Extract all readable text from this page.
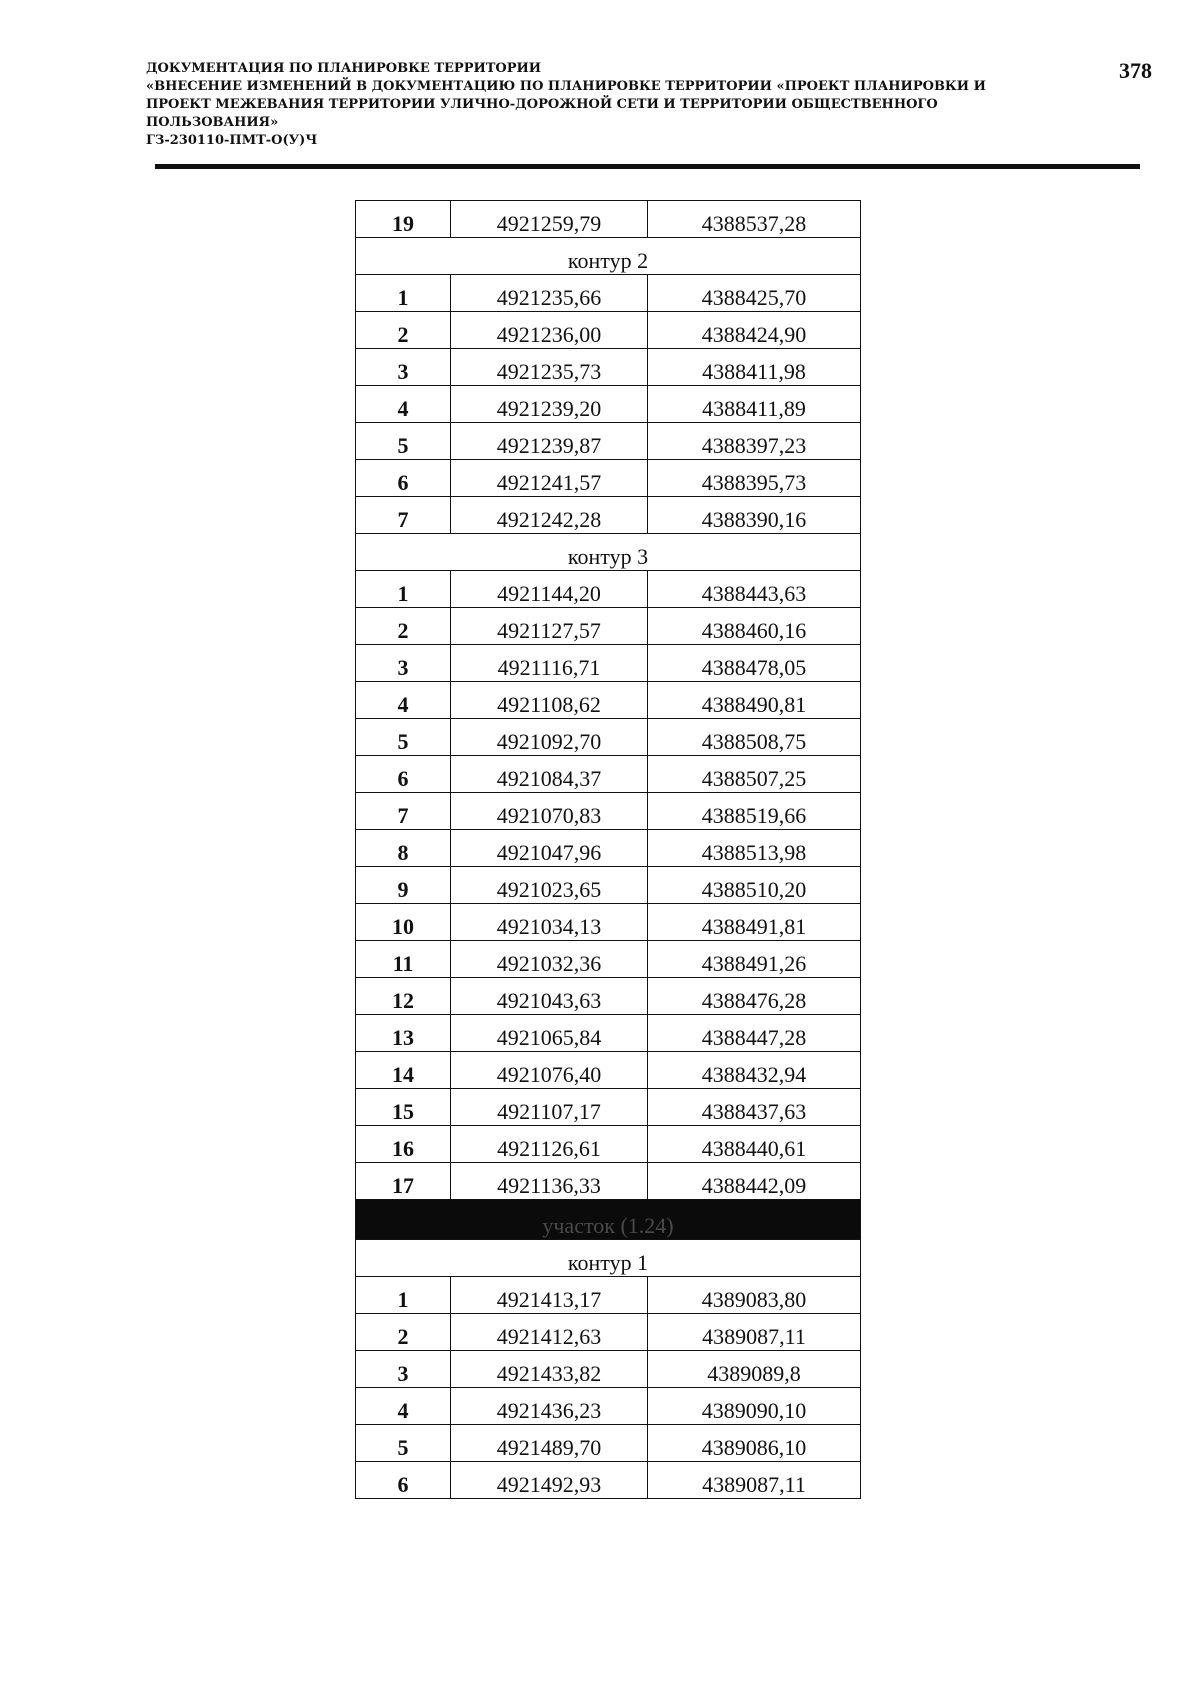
ДОКУМЕНТАЦИЯ ПО ПЛАНИРОВКЕ ТЕРРИТОРИИ
«ВНЕСЕНИЕ ИЗМЕНЕНИЙ В ДОКУМЕНТАЦИЮ ПО ПЛАНИРОВКЕ ТЕРРИТОРИИ «ПРОЕКТ ПЛАНИРОВКИ И
ПРОЕКТ МЕЖЕВАНИЯ ТЕРРИТОРИИ УЛИЧНО-ДОРОЖНОЙ СЕТИ И ТЕРРИТОРИИ ОБЩЕСТВЕННОГО
ПОЛЬЗОВАНИЯ»
ГЗ-230110-ПМТ-О(У)Ч
378
19	4921259,79	4388537,28
контур 2		
1	4921235,66	4388425,70
2	4921236,00	4388424,90
3	4921235,73	4388411,98
4	4921239,20	4388411,89
5	4921239,87	4388397,23
6	4921241,57	4388395,73
7	4921242,28	4388390,16
контур 3		
1	4921144,20	4388443,63
2	4921127,57	4388460,16
3	4921116,71	4388478,05
4	4921108,62	4388490,81
5	4921092,70	4388508,75
6	4921084,37	4388507,25
7	4921070,83	4388519,66
8	4921047,96	4388513,98
9	4921023,65	4388510,20
10	4921034,13	4388491,81
11	4921032,36	4388491,26
12	4921043,63	4388476,28
13	4921065,84	4388447,28
14	4921076,40	4388432,94
15	4921107,17	4388437,63
16	4921126,61	4388440,61
17	4921136,33	4388442,09
участок (1.24)		
контур 1		
1	4921413,17	4389083,80
2	4921412,63	4389087,11
3	4921433,82	4389089,8
4	4921436,23	4389090,10
5	4921489,70	4389086,10
6	4921492,93	4389087,11
